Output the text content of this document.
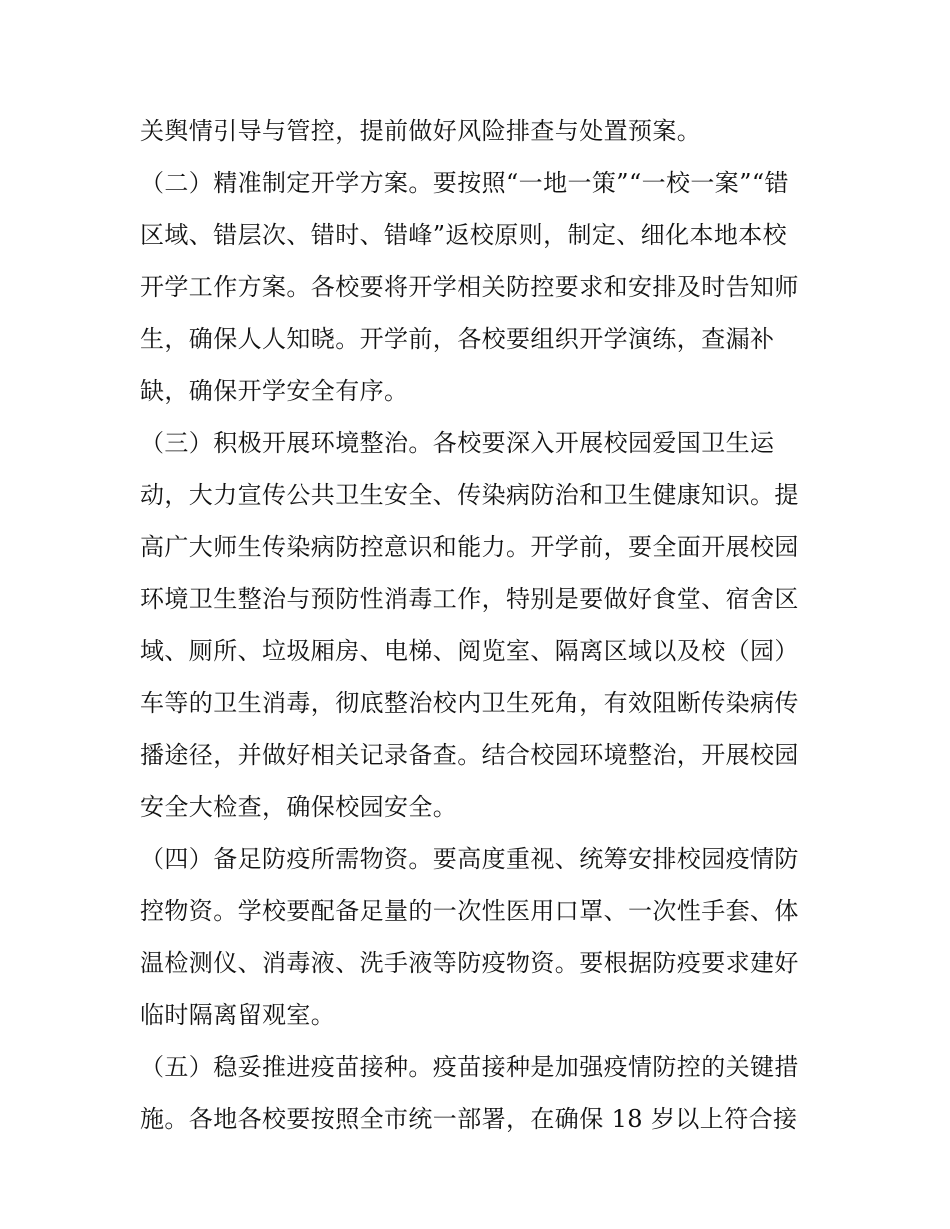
关舆情引导与管控，提前做好风险排查与处置预案。
（二）精准制定开学方案。要按照“一地一策”“一校一案”“错
区域、错层次、错时、错峰”返校原则，制定、细化本地本校
开学工作方案。各校要将开学相关防控要求和安排及时告知师
生，确保人人知晓。开学前，各校要组织开学演练，查漏补
缺，确保开学安全有序。
（三）积极开展环境整治。各校要深入开展校园爱国卫生运
动，大力宣传公共卫生安全、传染病防治和卫生健康知识。提
高广大师生传染病防控意识和能力。开学前，要全面开展校园
环境卫生整治与预防性消毒工作，特别是要做好食堂、宿舍区
域、厕所、垃圾厢房、电梯、阅览室、隔离区域以及校（园）
车等的卫生消毒，彻底整治校内卫生死角，有效阻断传染病传
播途径，并做好相关记录备查。结合校园环境整治，开展校园
安全大检查，确保校园安全。
（四）备足防疫所需物资。要高度重视、统筹安排校园疫情防
控物资。学校要配备足量的一次性医用口罩、一次性手套、体
温检测仪、消毒液、洗手液等防疫物资。要根据防疫要求建好
临时隔离留观室。
（五）稳妥推进疫苗接种。疫苗接种是加强疫情防控的关键措
施。各地各校要按照全市统一部署，在确保 18 岁以上符合接
